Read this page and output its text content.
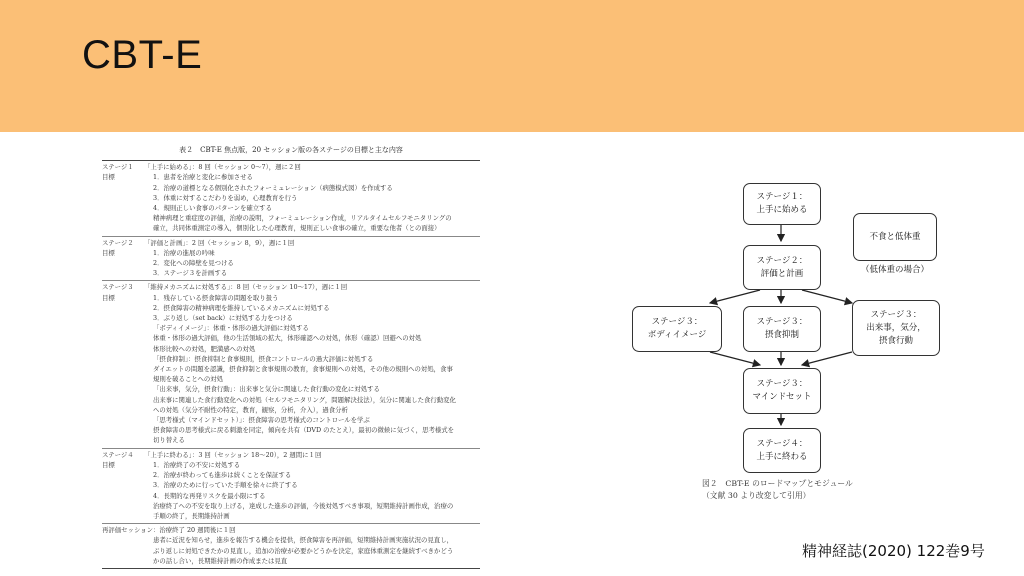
CBT-E
表２　CBT-E 焦点版，20 セッション版の各ステージの目標と主な内容
ステージ１
目標
「上手に始める」：8 回（セッション 0〜7），週に２回
1．患者を治療と変化に参加させる
2．治療の道標となる個別化されたフォーミュレーション（病態模式図）を作成する
3．体重に対するこだわりを弱め，心理教育を行う
4．規則正しい食事のパターンを確立する
精神病理と重症度の評価，治療の説明，フォーミュレーション作成，リアルタイムセルフモニタリングの
確立，共同体重測定の導入，個別化した心理教育，規則正しい食事の確立，重要な他者（との面接）
ステージ２
目標
「評価と計画」：2 回（セッション 8，9），週に１回
1．治療の進展の吟味
2．変化への障壁を見つける
3．ステージ３を計画する
ステージ３
目標
「維持メカニズムに対処する」：8 回（セッション 10〜17），週に１回
1．残存している摂食障害の問題を取り扱う
2．摂食障害の精神病理を維持しているメカニズムに対処する
3．ぶり返し（set back）に対処する力をつける
「ボディイメージ」：体重・体形の過大評価に対処する
体重・体形の過大評価，他の生活領域の拡大，体形確認への対処，体形（確認）回避への対処
体形比較への対処，肥満感への対処
「摂食抑制」：摂食抑制と食事規則，摂食コントロールの過大評価に対処する
ダイエットの問題を認識，摂食抑制と食事規則の教育，食事規則への対処，その他の規則への対処，食事
規則を破ることへの対処
「出来事，気分，摂食行動」：出来事と気分に関連した食行動の変化に対処する
出来事に関連した食行動変化への対処（セルフモニタリング，問題解決技法），気分に関連した食行動変化
への対処（気分不耐性の特定，教育，観察，分析，介入），過食分析
「思考様式（マインドセット）」：摂食障害の思考様式のコントロールを学ぶ
摂食障害の思考様式に戻る刺激を同定，傾向を共有（DVD のたとえ），最初の微候に気づく，思考様式を
切り替える
ステージ４
目標
「上手に終わる」：3 回（セッション 18〜20），2 週間に１回
1．治療終了の不安に対処する
2．治療が終わっても進歩は続くことを保証する
3．治療のために行っていた手順を徐々に終了する
4．長期的な再発リスクを最小限にする
治療終了への不安を取り上げる，達成した進歩の評価，今後対処すべき事項，短期維持計画作成，治療の
手順の終了，長期維持計画
再評価セッション：治療終了 20 週間後に１回
患者に近況を知らせ，進歩を報告する機会を提供，摂食障害を再評価，短期維持計画実施状況の見直し，
ぶり返しに対処できたかの見直し，追加の治療が必要かどうかを決定，家庭体重測定を継続すべきかどう
かの話し合い，長期維持計画の作成または見直
ステージ１：
上手に始める
不食と低体重
（低体重の場合）
ステージ２：
評価と計画
ステージ３：
ボディイメージ
ステージ３：
摂食抑制
ステージ３：
出来事，気分，
摂食行動
ステージ３：
マインドセット
ステージ４：
上手に終わる
図２　CBT-E のロードマップとモジュール
（文献 30 より改変して引用）
精神経誌(2020) 122巻9号
